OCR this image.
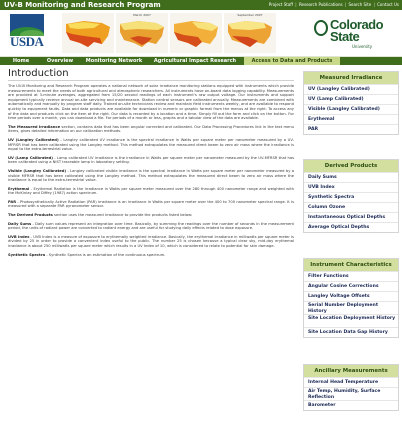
UV-B Monitoring and Research Program	Project Staff | Research Publications | Search Site | Contact Us
USDA
March 2007	September 2007
Colorado
State
University
Home	Overview	Monitoring Network	Agricultural Impact Research	Access to Data and Products
Introduction

The UV-B Monitoring and Research Program operates a national network of solar irradiance monitoring stations equipped with instruments which provide measurements to meet the needs of both agricultural and atmospheric researchers. All instruments have on-board data logging capability. Measurements are provided at 3-minute averages, aggregated from 15/20 second readings of each instrument's raw output voltage. Our instruments and support equipment typically receive annual on-site servicing and maintenance. Station central sensors are calibrated annually. Measurements are combined with automatically and manually by program staff daily. Trained on-site technicians review and maintain field instruments weekly, and are available to respond quickly to equipment faults. Data and data products are available for download in numeric or graphic format from the menus at the right. To access any of the data and products click on the item at the right. Our data is recorded by a location and a time. Simply fill out the form and click on the button. For time periods over a month, you can download a file. For periods of a month or less, graphs and a tabular view of the data are available.

The Measured Irradiance section, contains data that has been angular corrected and calibrated. Our Data Processing Procedures link in the text menu items, gives detailed information on our calibration methods.

UV (Langley Calibrated) - Langley calibrated UV irradiance is the spectral irradiance in Watts per square meter per nanometer measured by a UV-MFRSR that has been calibrated using the Langley method. This method extrapolates the measured direct beam to zero air mass where the irradiance is equal to the extra-terrestrial value.

UV (Lamp Calibrated) - Lamp calibrated UV irradiance is the irradiance in Watts per square meter per nanometer measured by the UV-MFRSR that has been calibrated using a NIST traceable lamp in laboratory setting.

Visible (Langley Calibrated) - Langley calibrated visible irradiance is the spectral irradiance in Watts per square meter per nanometer measured by a visible MFRSR that has been calibrated using the Langley method. This method extrapolates the measured direct beam to zero air mass where the irradiance is equal to the extra-terrestrial value.

Erythemal - Erythemal Radiation is the irradiance in Watts per square meter measured over the 280 through 400 nanometer range and weighted with the McKinlay and Diffey (1987) action spectrum.

PAR - Photosynthetically Active Radiation (PAR) irradiance is an irradiance in Watts per square meter over the 400 to 700 nanometer spectral range. It is measured with a separate PAR pyranometer sensor.

The Derived Products section uses the measured irradiance to provide the products listed below:

Daily Sums - Daily sum values represent an integration over time. Basically, by summing the readings over the number of seconds in the measurement period, the units of radiant power are converted to radiant energy and are useful for studying daily effects related to dose exposure.

UVB Index - UVB Index is a measure of exposure to erythemally weighted irradiance. Basically, the erythemal irradiance in milliwatts per square meter is divided by 25 in order to provide a convenient index useful to the public. The number 25 is chosen because a typical clear sky, mid-day erythemal irradiance is about 250 milliwatts per square meter which results in a UV Index of 10, which is considered to relate to potential for skin damage.

Synthetic Spectra - Synthetic Spectra is an estimation of the continuous spectrum.

Measured Irradiance
UV (Langley Calibrated)
UV (Lamp Calibrated)
Visible (Langley Calibrated)
Erythemal
PAR
Derived Products
Daily Sums
UVB Index
Synthetic Spectra
Column Ozone
Instantaneous Optical Depths
Average Optical Depths
Instrument Characteristics
Filter Functions
Angular Cosine Corrections
Langley Voltage Offsets
Serial Number Deployment History
Site Location Deployment History
Site Location Data Gap History
Ancillary Measurements
Internal Head Temperature
Air Temp, Humidity, Surface Reflection
Barometer
